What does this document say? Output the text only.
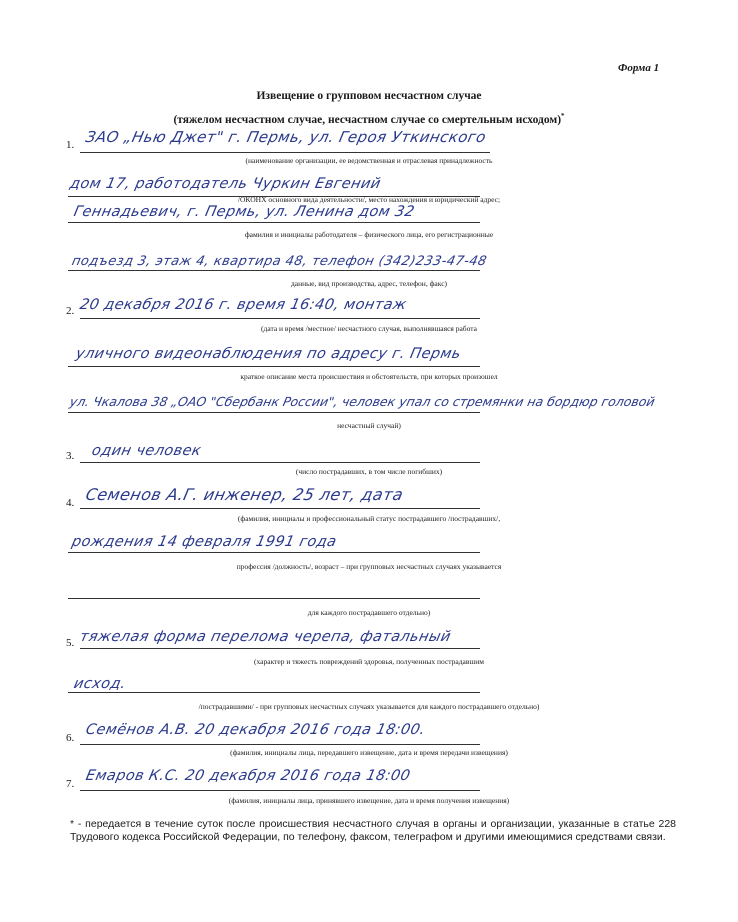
Форма 1
Извещение о групповом несчастном случае
(тяжелом несчастном случае, несчастном случае со смертельным исходом)*
1. ЗАО „Нью Джет" г. Пермь, ул. Героя Уткинского
(наименование организации, ее ведомственная и отраслевая принадлежность
дом 17, работодатель Чуркин Евгений
/ОКОНХ основного вида деятельности/, место нахождения и юридический адрес;
Геннадьевич, г. Пермь, ул. Ленина дом 32
фамилия и инициалы работодателя – физического лица, его регистрационные
подъезд 3, этаж 4, квартира 48, телефон (342)233-47-48
данные, вид производства, адрес, телефон, факс)
2. 20 декабря 2016 г. время 16:40, монтаж
(дата и время /местное/ несчастного случая, выполнявшаяся работа
уличного видеонаблюдения по адресу г. Пермь
краткое описание места происшествия и обстоятельств, при которых произошел
ул. Чкалова 38 „ОАО "Сбербанк России", человек упал со стремянки на бордюр головой
несчастный случай)
3. один человек
(число пострадавших, в том числе погибших)
4. Семенов А.Г. инженер, 25 лет, дата
(фамилия, инициалы и профессиональный статус пострадавшего /пострадавших/,
рождения 14 февраля 1991 года
профессия /должность/, возраст – при групповых несчастных случаях указывается
для каждого пострадавшего отдельно)
5. тяжелая форма перелома черепа, фатальный
(характер и тяжесть повреждений здоровья, полученных пострадавшим
исход.
/пострадавшими/ - при групповых несчастных случаях указывается для каждого пострадавшего отдельно)
6. Семёнов А.В. 20 декабря 2016 года 18:00.
(фамилия, инициалы лица, передавшего извещение, дата и время передачи извещения)
7. Емаров К.С. 20 декабря 2016 года 18:00
(фамилия, инициалы лица, принявшего извещение, дата и время получения извещения)
* - передается в течение суток после происшествия несчастного случая в органы и организации, указанные в статье 228 Трудового кодекса Российской Федерации, по телефону, факсом, телеграфом и другими имеющимися средствами связи.
